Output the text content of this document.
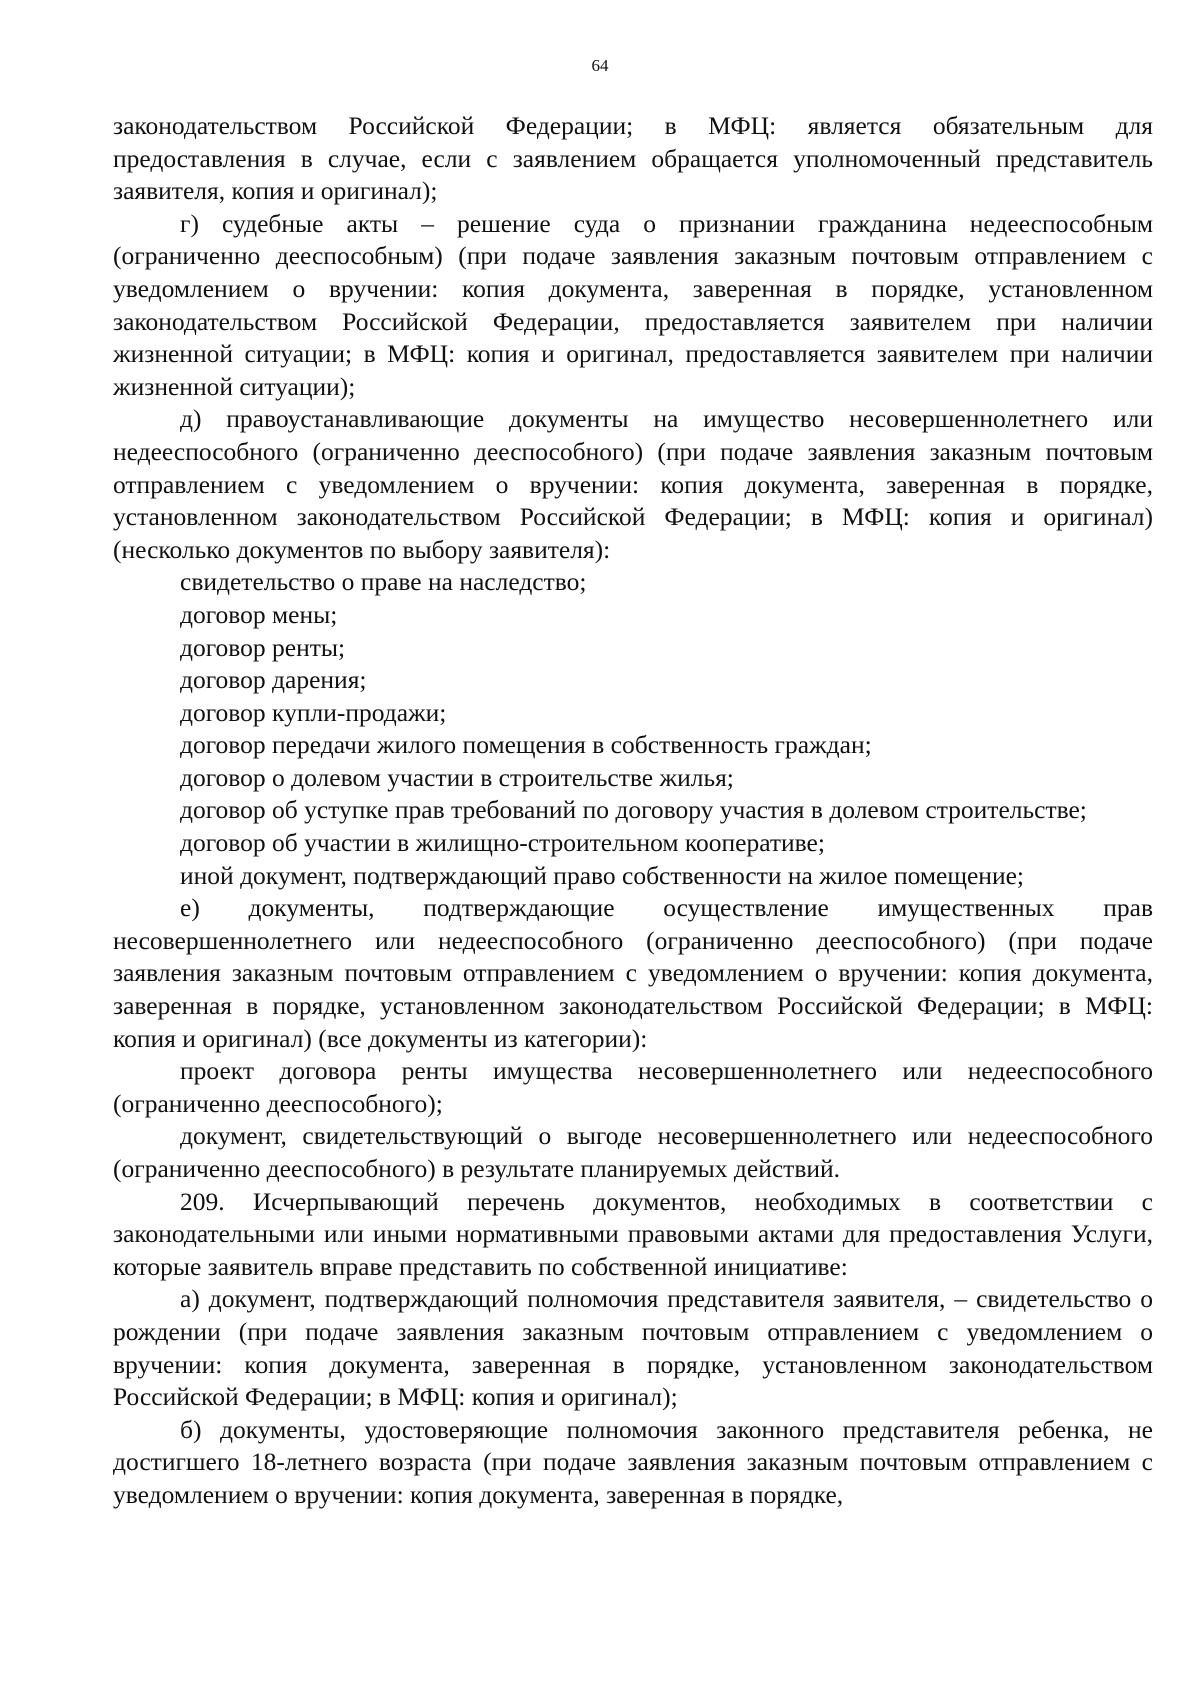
64

законодательством Российской Федерации; в МФЦ: является обязательным для предоставления в случае, если с заявлением обращается уполномоченный представитель заявителя, копия и оригинал);

г) судебные акты – решение суда о признании гражданина недееспособным (ограниченно дееспособным) (при подаче заявления заказным почтовым отправлением с уведомлением о вручении: копия документа, заверенная в порядке, установленном законодательством Российской Федерации, предоставляется заявителем при наличии жизненной ситуации; в МФЦ: копия и оригинал, предоставляется заявителем при наличии жизненной ситуации);

д) правоустанавливающие документы на имущество несовершеннолетнего или недееспособного (ограниченно дееспособного) (при подаче заявления заказным почтовым отправлением с уведомлением о вручении: копия документа, заверенная в порядке, установленном законодательством Российской Федерации; в МФЦ: копия и оригинал) (несколько документов по выбору заявителя):

свидетельство о праве на наследство;

договор мены;

договор ренты;

договор дарения;

договор купли-продажи;

договор передачи жилого помещения в собственность граждан;

договор о долевом участии в строительстве жилья;

договор об уступке прав требований по договору участия в долевом строительстве;

договор об участии в жилищно-строительном кооперативе;

иной документ, подтверждающий право собственности на жилое помещение;

е) документы, подтверждающие осуществление имущественных прав несовершеннолетнего или недееспособного (ограниченно дееспособного) (при подаче заявления заказным почтовым отправлением с уведомлением о вручении: копия документа, заверенная в порядке, установленном законодательством Российской Федерации; в МФЦ: копия и оригинал) (все документы из категории):

проект договора ренты имущества несовершеннолетнего или недееспособного (ограниченно дееспособного);

документ, свидетельствующий о выгоде несовершеннолетнего или недееспособного (ограниченно дееспособного) в результате планируемых действий.

209. Исчерпывающий перечень документов, необходимых в соответствии с законодательными или иными нормативными правовыми актами для предоставления Услуги, которые заявитель вправе представить по собственной инициативе:

а) документ, подтверждающий полномочия представителя заявителя, – свидетельство о рождении (при подаче заявления заказным почтовым отправлением с уведомлением о вручении: копия документа, заверенная в порядке, установленном законодательством Российской Федерации; в МФЦ: копия и оригинал);

б) документы, удостоверяющие полномочия законного представителя ребенка, не достигшего 18-летнего возраста (при подаче заявления заказным почтовым отправлением с уведомлением о вручении: копия документа, заверенная в порядке,
